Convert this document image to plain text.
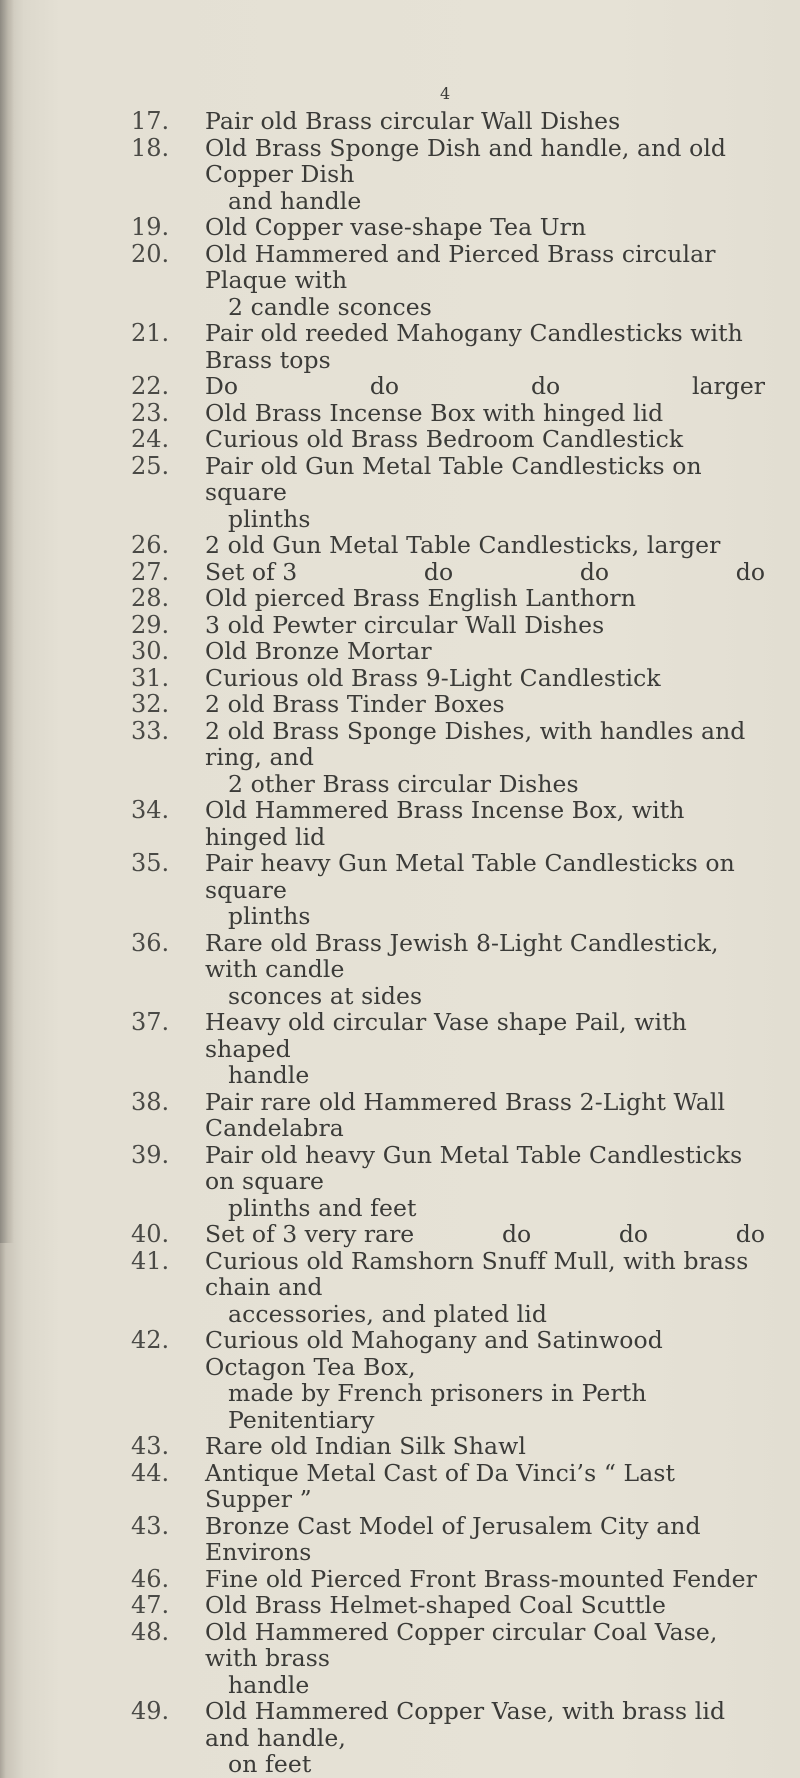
4
17.	Pair old Brass circular Wall Dishes
18.	Old Brass Sponge Dish and handle, and old Copper Dish
and handle
19.	Old Copper vase-shape Tea Urn
20.	Old Hammered and Pierced Brass circular Plaque with
2 candle sconces
21.	Pair old reeded Mahogany Candlesticks with Brass tops
22.	Do	do	do	larger
23.	Old Brass Incense Box with hinged lid
24.	Curious old Brass Bedroom Candlestick
25.	Pair old Gun Metal Table Candlesticks on square
plinths
26.	2 old Gun Metal Table Candlesticks, larger
27.	Set of 3	do	do	do
28.	Old pierced Brass English Lanthorn
29.	3 old Pewter circular Wall Dishes
30.	Old Bronze Mortar
31.	Curious old Brass 9-Light Candlestick
32.	2 old Brass Tinder Boxes
33.	2 old Brass Sponge Dishes, with handles and ring, and
2 other Brass circular Dishes
34.	Old Hammered Brass Incense Box, with hinged lid
35.	Pair heavy Gun Metal Table Candlesticks on square
plinths
36.	Rare old Brass Jewish 8-Light Candlestick, with candle
sconces at sides
37.	Heavy old circular Vase shape Pail, with shaped
handle
38.	Pair rare old Hammered Brass 2-Light Wall Candelabra
39.	Pair old heavy Gun Metal Table Candlesticks on square
plinths and feet
40.	Set of 3 very rare	do	do	do
41.	Curious old Ramshorn Snuff Mull, with brass chain and
accessories, and plated lid
42.	Curious old Mahogany and Satinwood Octagon Tea Box,
made by French prisoners in Perth Penitentiary
43.	Rare old Indian Silk Shawl
44.	Antique Metal Cast of Da Vinci’s “ Last Supper ”
43.	Bronze Cast Model of Jerusalem City and Environs
46.	Fine old Pierced Front Brass-mounted Fender
47.	Old Brass Helmet-shaped Coal Scuttle
48.	Old Hammered Copper circular Coal Vase, with brass
handle
49.	Old Hammered Copper Vase, with brass lid and handle,
on feet
